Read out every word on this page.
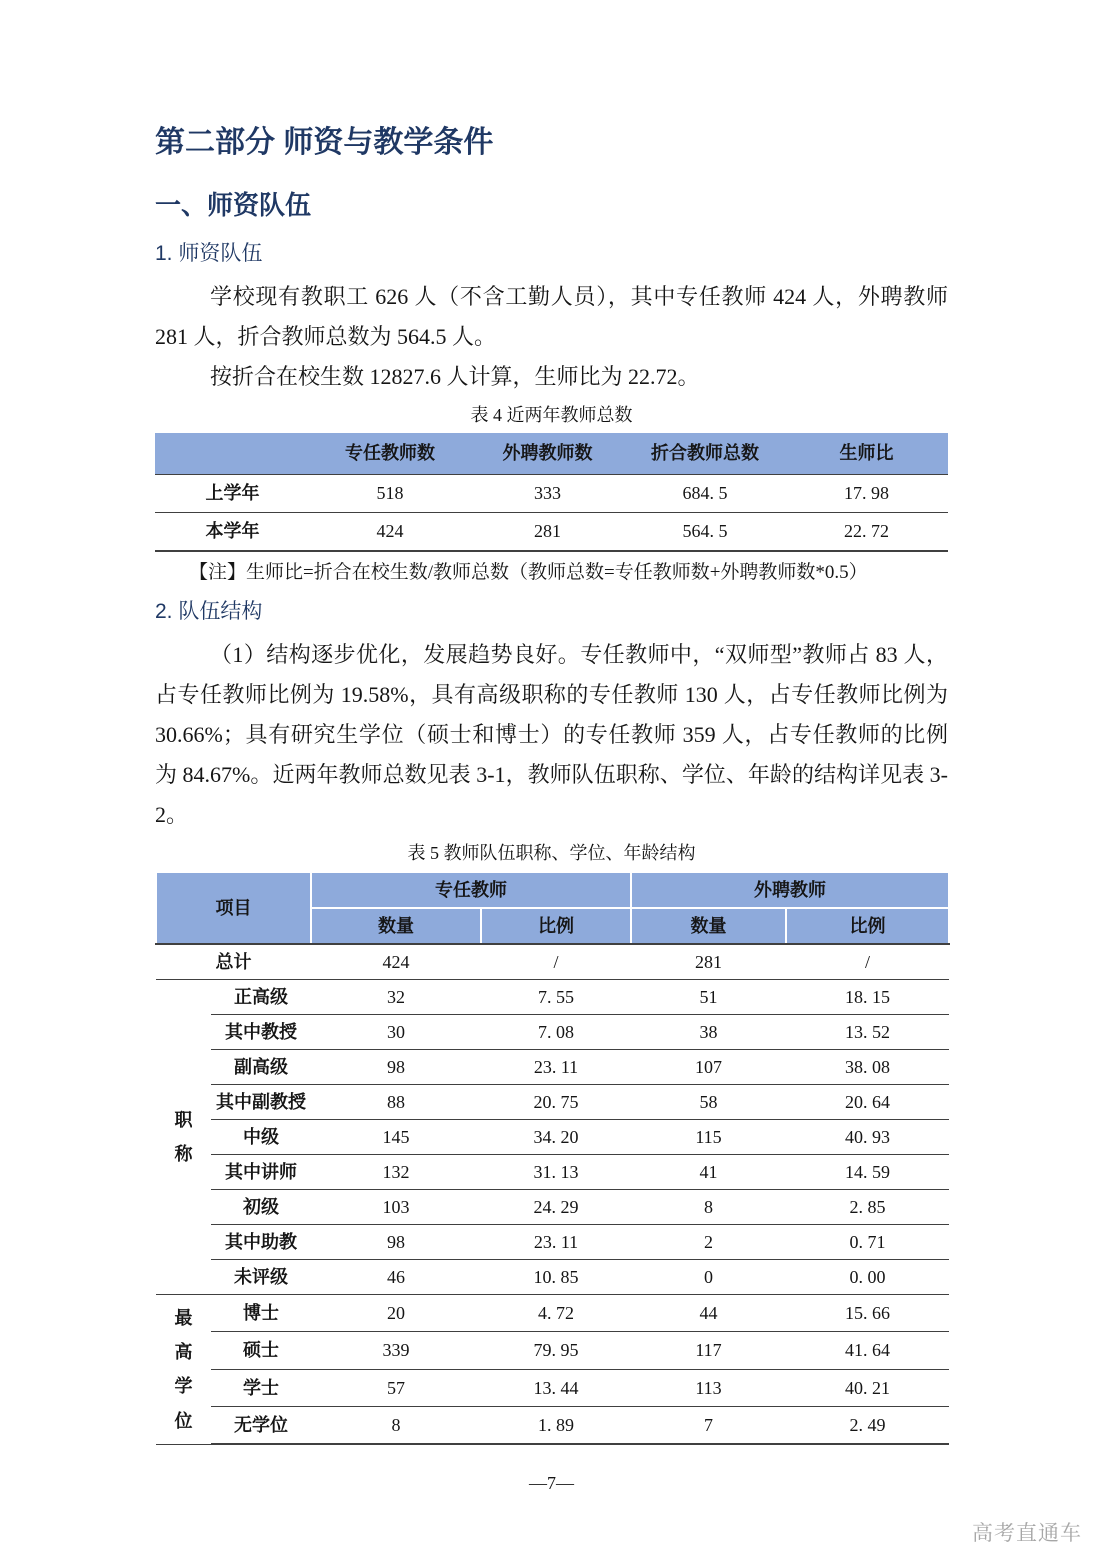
第二部分 师资与教学条件
一、师资队伍
1. 师资队伍

学校现有教职工 626 人（不含工勤人员），其中专任教师 424 人，外聘教师 281 人，折合教师总数为 564.5 人。

按折合在校生数 12827.6 人计算，生师比为 22.72。

表 4 近两年教师总数
	专任教师数	外聘教师数	折合教师总数	生师比
上学年	518	333	684. 5	17. 98
本学年	424	281	564. 5	22. 72

【注】生师比=折合在校生数/教师总数（教师总数=专任教师数+外聘教师数*0.5）

2. 队伍结构

（1）结构逐步优化，发展趋势良好。专任教师中，“双师型”教师占 83 人，占专任教师比例为 19.58%，具有高级职称的专任教师 130 人，占专任教师比例为 30.66%；具有研究生学位（硕士和博士）的专任教师 359 人，占专任教师的比例为 84.67%。近两年教师总数见表 3-1，教师队伍职称、学位、年龄的结构详见表 3-2。

表 5 教师队伍职称、学位、年龄结构
项目		专任教师		外聘教师	
		数量	比例	数量	比例
总计		424	/	281	/
职称	正高级	32	7. 55	51	18. 15
	其中教授	30	7. 08	38	13. 52
	副高级	98	23. 11	107	38. 08
	其中副教授	88	20. 75	58	20. 64
	中级	145	34. 20	115	40. 93
	其中讲师	132	31. 13	41	14. 59
	初级	103	24. 29	8	2. 85
	其中助教	98	23. 11	2	0. 71
	未评级	46	10. 85	0	0. 00
最高学位	博士	20	4. 72	44	15. 66
	硕士	339	79. 95	117	41. 64
	学士	57	13. 44	113	40. 21
	无学位	8	1. 89	7	2. 49
—7—
高考直通车
